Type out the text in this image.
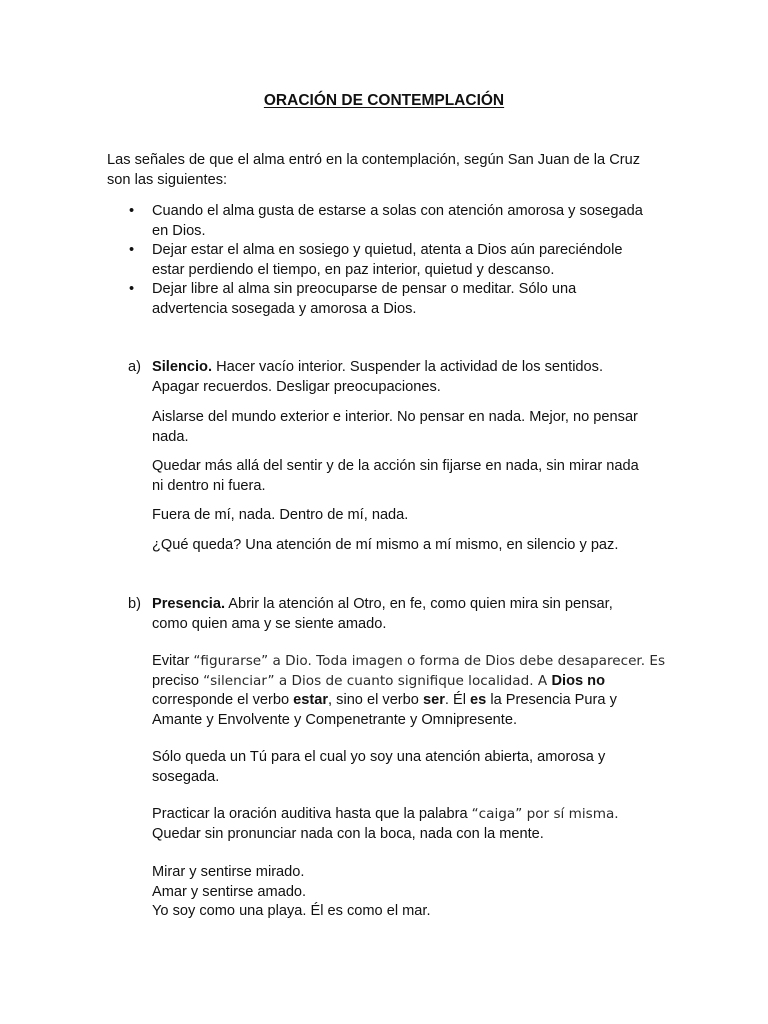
ORACIÓN DE CONTEMPLACIÓN
Las señales de que el alma entró en la contemplación, según San Juan de la Cruz
son las siguientes:
• Cuando el alma gusta de estarse a solas con atención amorosa y sosegada
en Dios.
• Dejar estar el alma en sosiego y quietud, atenta a Dios aún pareciéndole
estar perdiendo el tiempo, en paz interior, quietud y descanso.
• Dejar libre al alma sin preocuparse de pensar o meditar. Sólo una
advertencia sosegada y amorosa a Dios.
a) Silencio. Hacer vacío interior. Suspender la actividad de los sentidos.
Apagar recuerdos. Desligar preocupaciones.
Aislarse del mundo exterior e interior. No pensar en nada. Mejor, no pensar
nada.
Quedar más allá del sentir y de la acción sin fijarse en nada, sin mirar nada
ni dentro ni fuera.
Fuera de mí, nada. Dentro de mí, nada.
¿Qué queda? Una atención de mí mismo a mí mismo, en silencio y paz.
b) Presencia. Abrir la atención al Otro, en fe, como quien mira sin pensar,
como quien ama y se siente amado.
Evitar “figurarse” a Dio. Toda imagen o forma de Dios debe desaparecer. Es
preciso “silenciar” a Dios de cuanto signifique localidad. A Dios no
corresponde el verbo estar, sino el verbo ser. Él es la Presencia Pura y
Amante y Envolvente y Compenetrante y Omnipresente.
Sólo queda un Tú para el cual yo soy una atención abierta, amorosa y
sosegada.
Practicar la oración auditiva hasta que la palabra “caiga” por sí misma.
Quedar sin pronunciar nada con la boca, nada con la mente.
Mirar y sentirse mirado.
Amar y sentirse amado.
Yo soy como una playa. Él es como el mar.
